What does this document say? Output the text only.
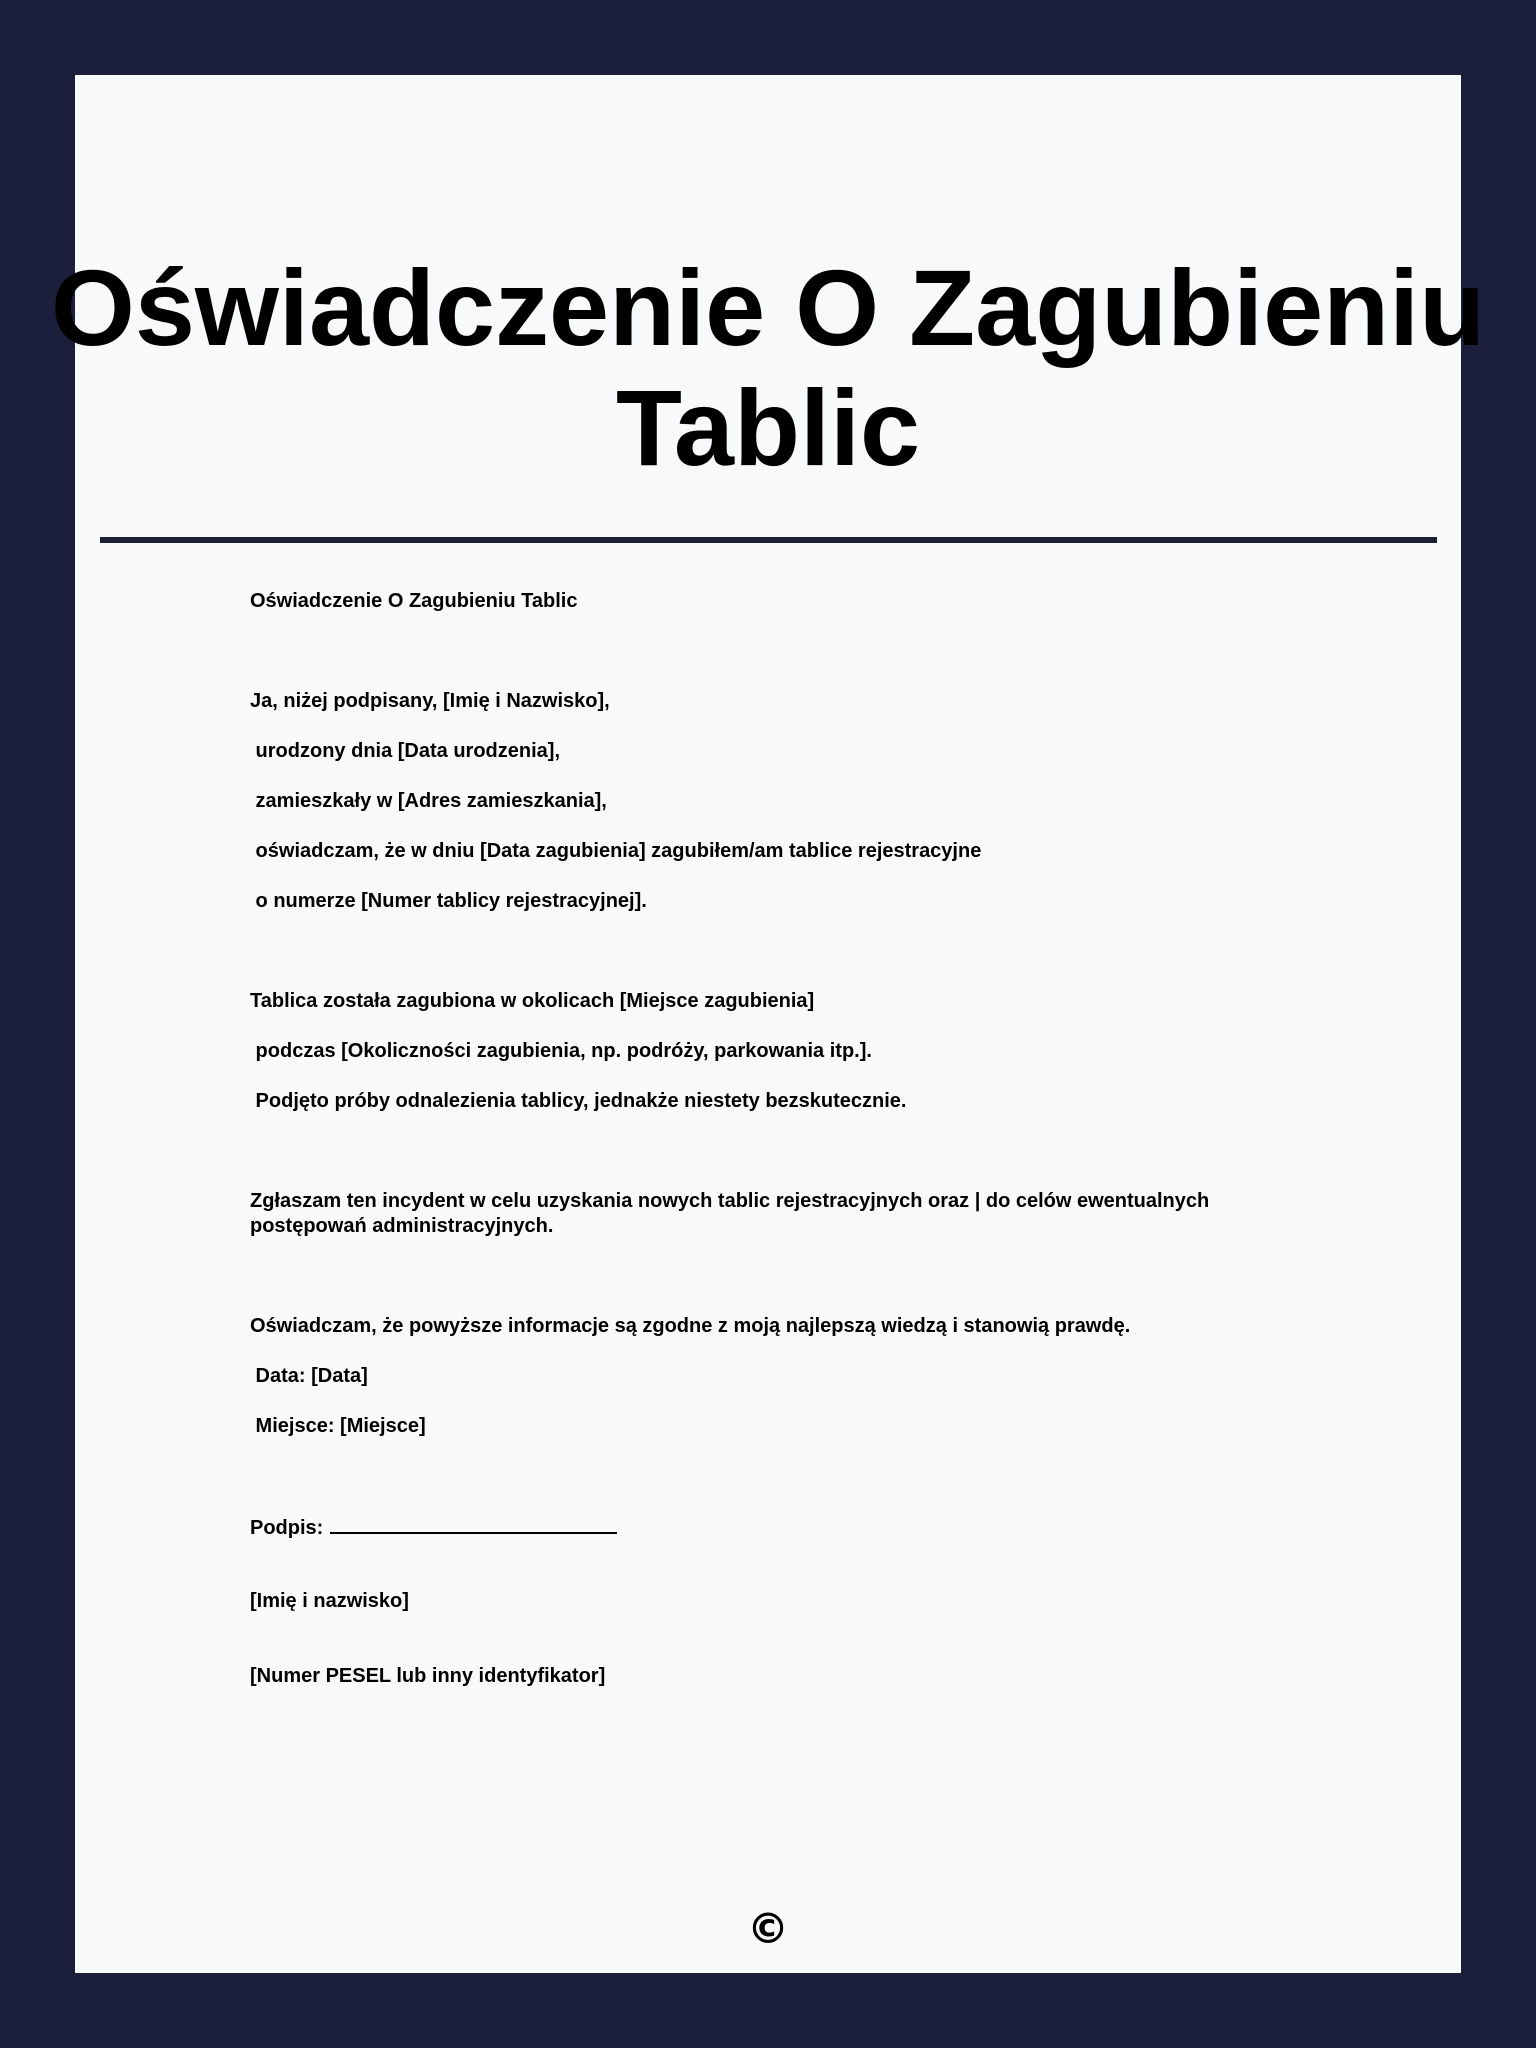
Oświadczenie O Zagubieniu Tablic

Oświadczenie O Zagubieniu Tablic

Ja, niżej podpisany, [Imię i Nazwisko],

urodzony dnia [Data urodzenia],

zamieszkały w [Adres zamieszkania],

oświadczam, że w dniu [Data zagubienia] zagubiłem/am tablice rejestracyjne

o numerze [Numer tablicy rejestracyjnej].

Tablica została zagubiona w okolicach [Miejsce zagubienia]

podczas [Okoliczności zagubienia, np. podróży, parkowania itp.].

Podjęto próby odnalezienia tablicy, jednakże niestety bezskutecznie.

Zgłaszam ten incydent w celu uzyskania nowych tablic rejestracyjnych oraz | do celów ewentualnych postępowań administracyjnych.

Oświadczam, że powyższe informacje są zgodne z moją najlepszą wiedzą i stanowią prawdę.

Data: [Data]

Miejsce: [Miejsce]

Podpis:

[Imię i nazwisko]

[Numer PESEL lub inny identyfikator]

©
